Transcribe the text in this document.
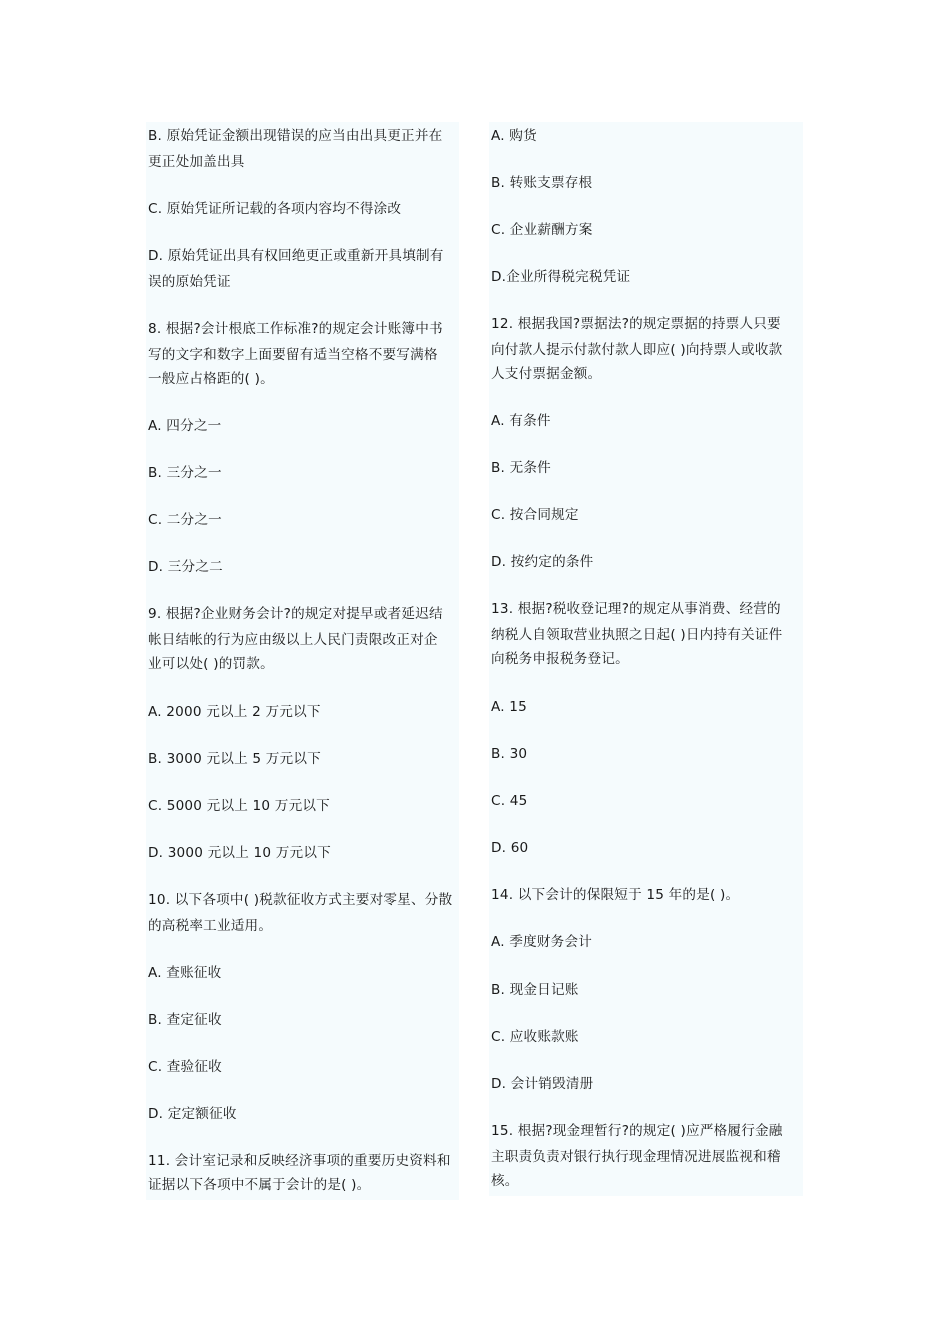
B. 原始凭证金额出现错误的应当由出具更正并在
更正处加盖出具
C. 原始凭证所记载的各项内容均不得涂改
D. 原始凭证出具有权回绝更正或重新开具填制有
误的原始凭证
8. 根据?会计根底工作标准?的规定会计账簿中书
写的文字和数字上面要留有适当空格不要写满格
一般应占格距的( )。
A. 四分之一
B. 三分之一
C. 二分之一
D. 三分之二
9. 根据?企业财务会计?的规定对提早或者延迟结
帐日结帐的行为应由级以上人民门责限改正对企
业可以处( )的罚款。
A. 2000 元以上 2 万元以下
B. 3000 元以上 5 万元以下
C. 5000 元以上 10 万元以下
D. 3000 元以上 10 万元以下
10. 以下各项中( )税款征收方式主要对零星、分散
的高税率工业适用。
A. 查账征收
B. 查定征收
C. 查验征收
D. 定定额征收
11. 会计室记录和反映经济事项的重要历史资料和
证据以下各项中不属于会计的是( )。
A. 购货
B. 转账支票存根
C. 企业薪酬方案
D.企业所得税完税凭证
12. 根据我国?票据法?的规定票据的持票人只要
向付款人提示付款付款人即应( )向持票人或收款
人支付票据金额。
A. 有条件
B. 无条件
C. 按合同规定
D. 按约定的条件
13. 根据?税收登记理?的规定从事消费、经营的
纳税人自领取营业执照之日起( )日内持有关证件
向税务申报税务登记。
A. 15
B. 30
C. 45
D. 60
14. 以下会计的保限短于 15 年的是( )。
A. 季度财务会计
B. 现金日记账
C. 应收账款账
D. 会计销毁清册
15. 根据?现金理暂行?的规定( )应严格履行金融
主职责负责对银行执行现金理情况进展监视和稽
核。
